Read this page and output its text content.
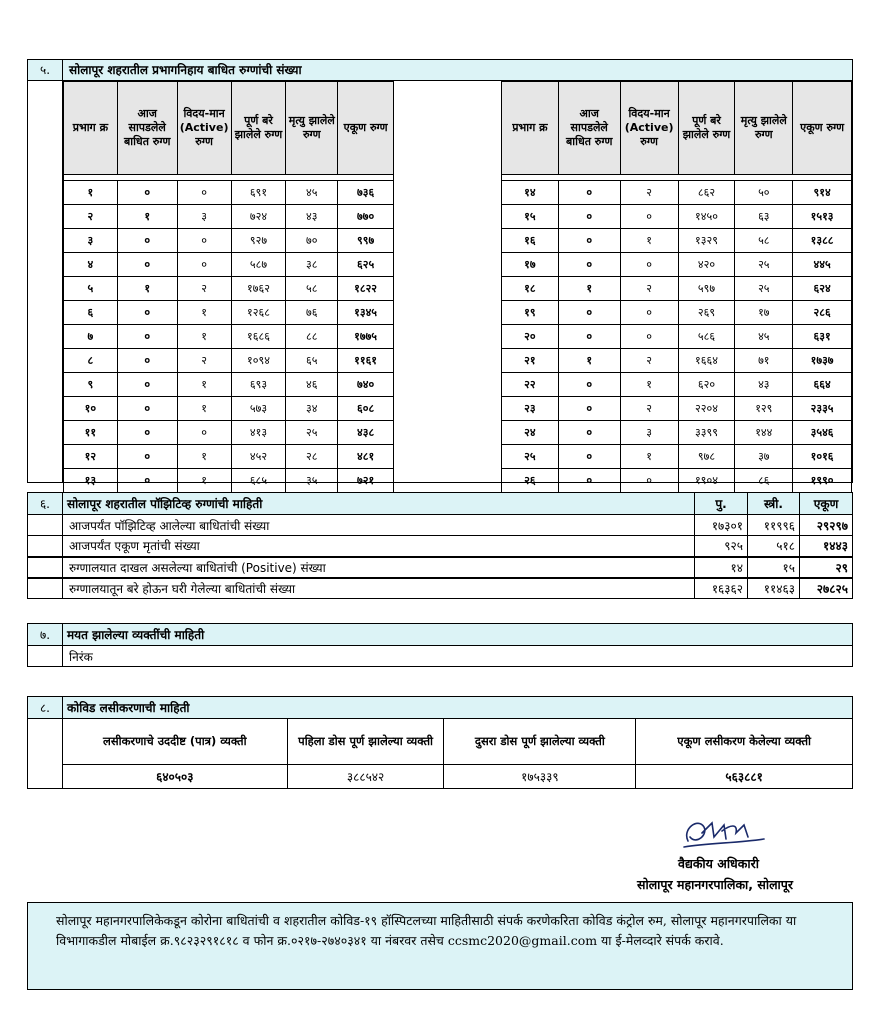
५.	सोलापूर शहरातील प्रभागनिहाय बाधित रुग्णांची संख्या
प्रभाग क्र	आज सापडलेले बाधित रुग्ण	विदय-मान (Active) रुग्ण	पूर्ण बरे झालेले रुग्ण	मृत्यु झालेले रुग्ण	एकूण रुग्ण

१	०	०	६९१	४५	७३६
२	१	३	७२४	४३	७७०
३	०	०	९२७	७०	९९७
४	०	०	५८७	३८	६२५
५	१	२	१७६२	५८	१८२२
६	०	१	१२६८	७६	१३४५
७	०	१	१६८६	८८	१७७५
८	०	२	१०९४	६५	११६१
९	०	१	६९३	४६	७४०
१०	०	१	५७३	३४	६०८
११	०	०	४१३	२५	४३८
१२	०	१	४५२	२८	४८१
१३	०	१	६८५	३५	७२१
प्रभाग क्र	आज सापडलेले बाधित रुग्ण	विदय-मान (Active) रुग्ण	पूर्ण बरे झालेले रुग्ण	मृत्यु झालेले रुग्ण	एकूण रुग्ण

१४	०	२	८६२	५०	९१४
१५	०	०	१४५०	६३	१५१३
१६	०	१	१३२९	५८	१३८८
१७	०	०	४२०	२५	४४५
१८	१	२	५९७	२५	६२४
१९	०	०	२६९	१७	२८६
२०	०	०	५८६	४५	६३१
२१	१	२	१६६४	७१	१७३७
२२	०	१	६२०	४३	६६४
२३	०	२	२२०४	१२९	२३३५
२४	०	३	३३९९	१४४	३५४६
२५	०	१	९७८	३७	१०१६
२६	०	०	१९०४	८६	१९९०
६.	सोलापूर शहरातील पॉझिटिव्ह रुग्णांची माहिती	पु.	स्त्री.	एकूण
	आजपर्यंत पॉझिटिव्ह आलेल्या बाधितांची संख्या	१७३०१	११९९६	२९२९७
	आजपर्यंत एकूण मृतांची संख्या	९२५	५१८	१४४३
	रुग्णालयात दाखल असलेल्या बाधितांची (Positive) संख्या	१४	१५	२९
	रुग्णालयातून बरे होऊन घरी गेलेल्या बाधितांची संख्या	१६३६२	११४६३	२७८२५
७.	मयत झालेल्या व्यक्तींची माहिती
	निरंक
८.	कोविड लसीकरणाची माहिती			
	लसीकरणाचे उददीष्ट (पात्र) व्यक्ती	पहिला डोस पूर्ण झालेल्या व्यक्ती	दुसरा डोस पूर्ण झालेल्या व्यक्ती	एकूण लसीकरण केलेल्या व्यक्ती
	६४०५०३	३८८५४२	१७५३३९	५६३८८१
वैद्यकीय अधिकारी
सोलापूर महानगरपालिका, सोलापूर
सोलापूर महानगरपालिकेकडून कोरोना बाधितांची व शहरातील कोविड-१९ हॉस्पिटलच्या माहितीसाठी संपर्क करणेकरिता कोविड कंट्रोल रुम, सोलापूर महानगरपालिका या विभागाकडील मोबाईल क्र.९८२३२९१८१८ व फोन क्र.०२१७-२७४०३४१ या नंबरवर तसेच ccsmc2020@gmail.com या ई-मेलव्दारे संपर्क करावे.
